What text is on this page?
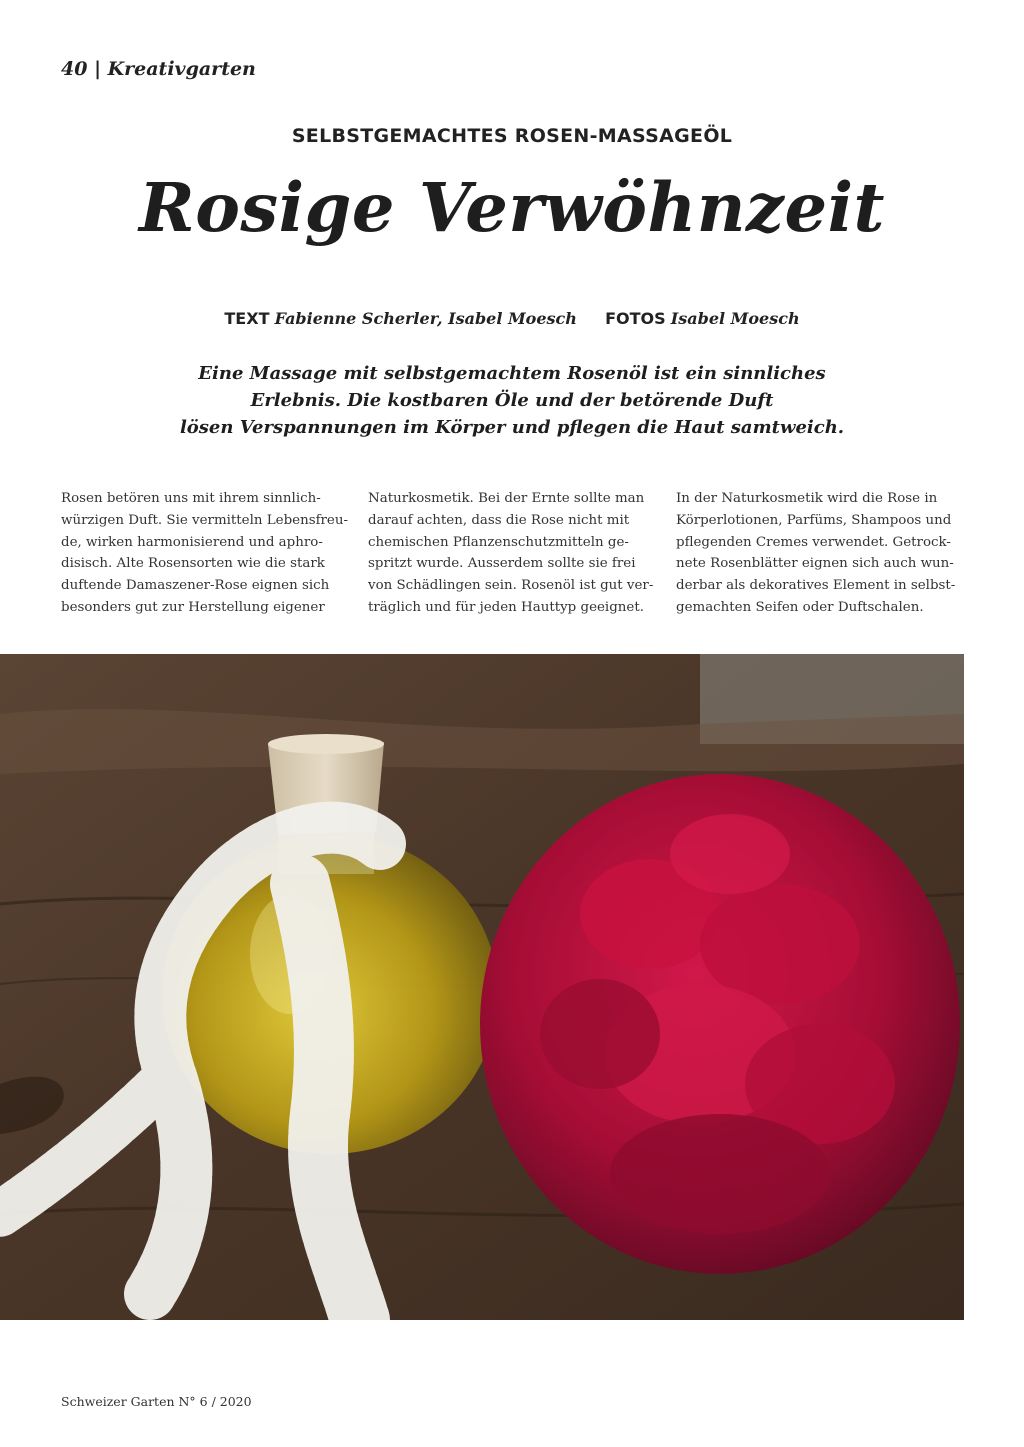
40 | Kreativgarten
SELBSTGEMACHTES ROSEN-MASSAGEÖL
Rosige Verwöhnzeit
TEXT Fabienne Scherler, Isabel Moesch FOTOS Isabel Moesch
Eine Massage mit selbstgemachtem Rosenöl ist ein sinnliches
Erlebnis. Die kostbaren Öle und der betörende Duft
lösen Verspannungen im Körper und pflegen die Haut samtweich.
Rosen betören uns mit ihrem sinnlich-
würzigen Duft. Sie vermitteln Lebensfreu-
de, wirken harmonisierend und aphro-
disisch. Alte Rosensorten wie die stark
duftende Damaszener-Rose eignen sich
besonders gut zur Herstellung eigener
Naturkosmetik. Bei der Ernte sollte man
darauf achten, dass die Rose nicht mit
chemischen Pflanzenschutzmitteln ge-
spritzt wurde. Ausserdem sollte sie frei
von Schädlingen sein. Rosenöl ist gut ver-
träglich und für jeden Hauttyp geeignet.
In der Naturkosmetik wird die Rose in
Körperlotionen, Parfüms, Shampoos und
pflegenden Cremes verwendet. Getrock-
nete Rosenblätter eignen sich auch wun-
derbar als dekoratives Element in selbst-
gemachten Seifen oder Duftschalen.
Schweizer Garten N° 6 / 2020
